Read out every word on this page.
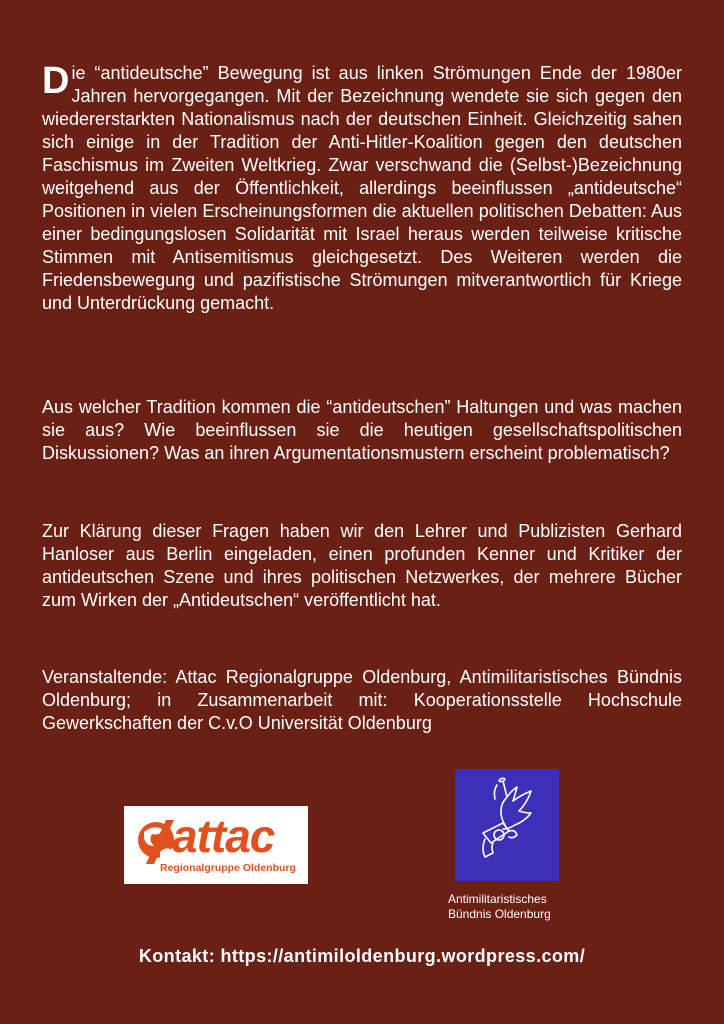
Die “antideutsche” Bewegung ist aus linken Strömungen Ende der 1980er Jahren hervorgegangen. Mit der Bezeichnung wendete sie sich gegen den wiedererstarkten Nationalismus nach der deutschen Einheit. Gleichzeitig sahen sich einige in der Tradition der Anti-Hitler-Koalition gegen den deutschen Faschismus im Zweiten Weltkrieg. Zwar verschwand die (Selbst-)Bezeichnung weitgehend aus der Öffentlichkeit, allerdings beeinflussen „antideutsche“ Positionen in vielen Erscheinungsformen die aktuellen politischen Debatten: Aus einer bedingungslosen Solidarität mit Israel heraus werden teilweise kritische Stimmen mit Antisemitismus gleichgesetzt. Des Weiteren werden die Friedensbewegung und pazifistische Strömungen mitverantwortlich für Kriege und Unterdrückung gemacht.

Aus welcher Tradition kommen die “antideutschen” Haltungen und was machen sie aus? Wie beeinflussen sie die heutigen gesellschaftspolitischen Diskussionen? Was an ihren Argumentationsmustern erscheint problematisch?

Zur Klärung dieser Fragen haben wir den Lehrer und Publizisten Gerhard Hanloser aus Berlin eingeladen, einen profunden Kenner und Kritiker der antideutschen Szene und ihres politischen Netzwerkes, der mehrere Bücher zum Wirken der „Antideutschen“ veröffentlicht hat.

Veranstaltende: Attac Regionalgruppe Oldenburg, Antimilitaristisches Bündnis Oldenburg; in Zusammenarbeit mit: Kooperationsstelle Hochschule Gewerkschaften der C.v.O Universität Oldenburg

attac
Regionalgruppe Oldenburg
Antimilitaristisches
Bündnis Oldenburg
Kontakt: https://antimiloldenburg.wordpress.com/
